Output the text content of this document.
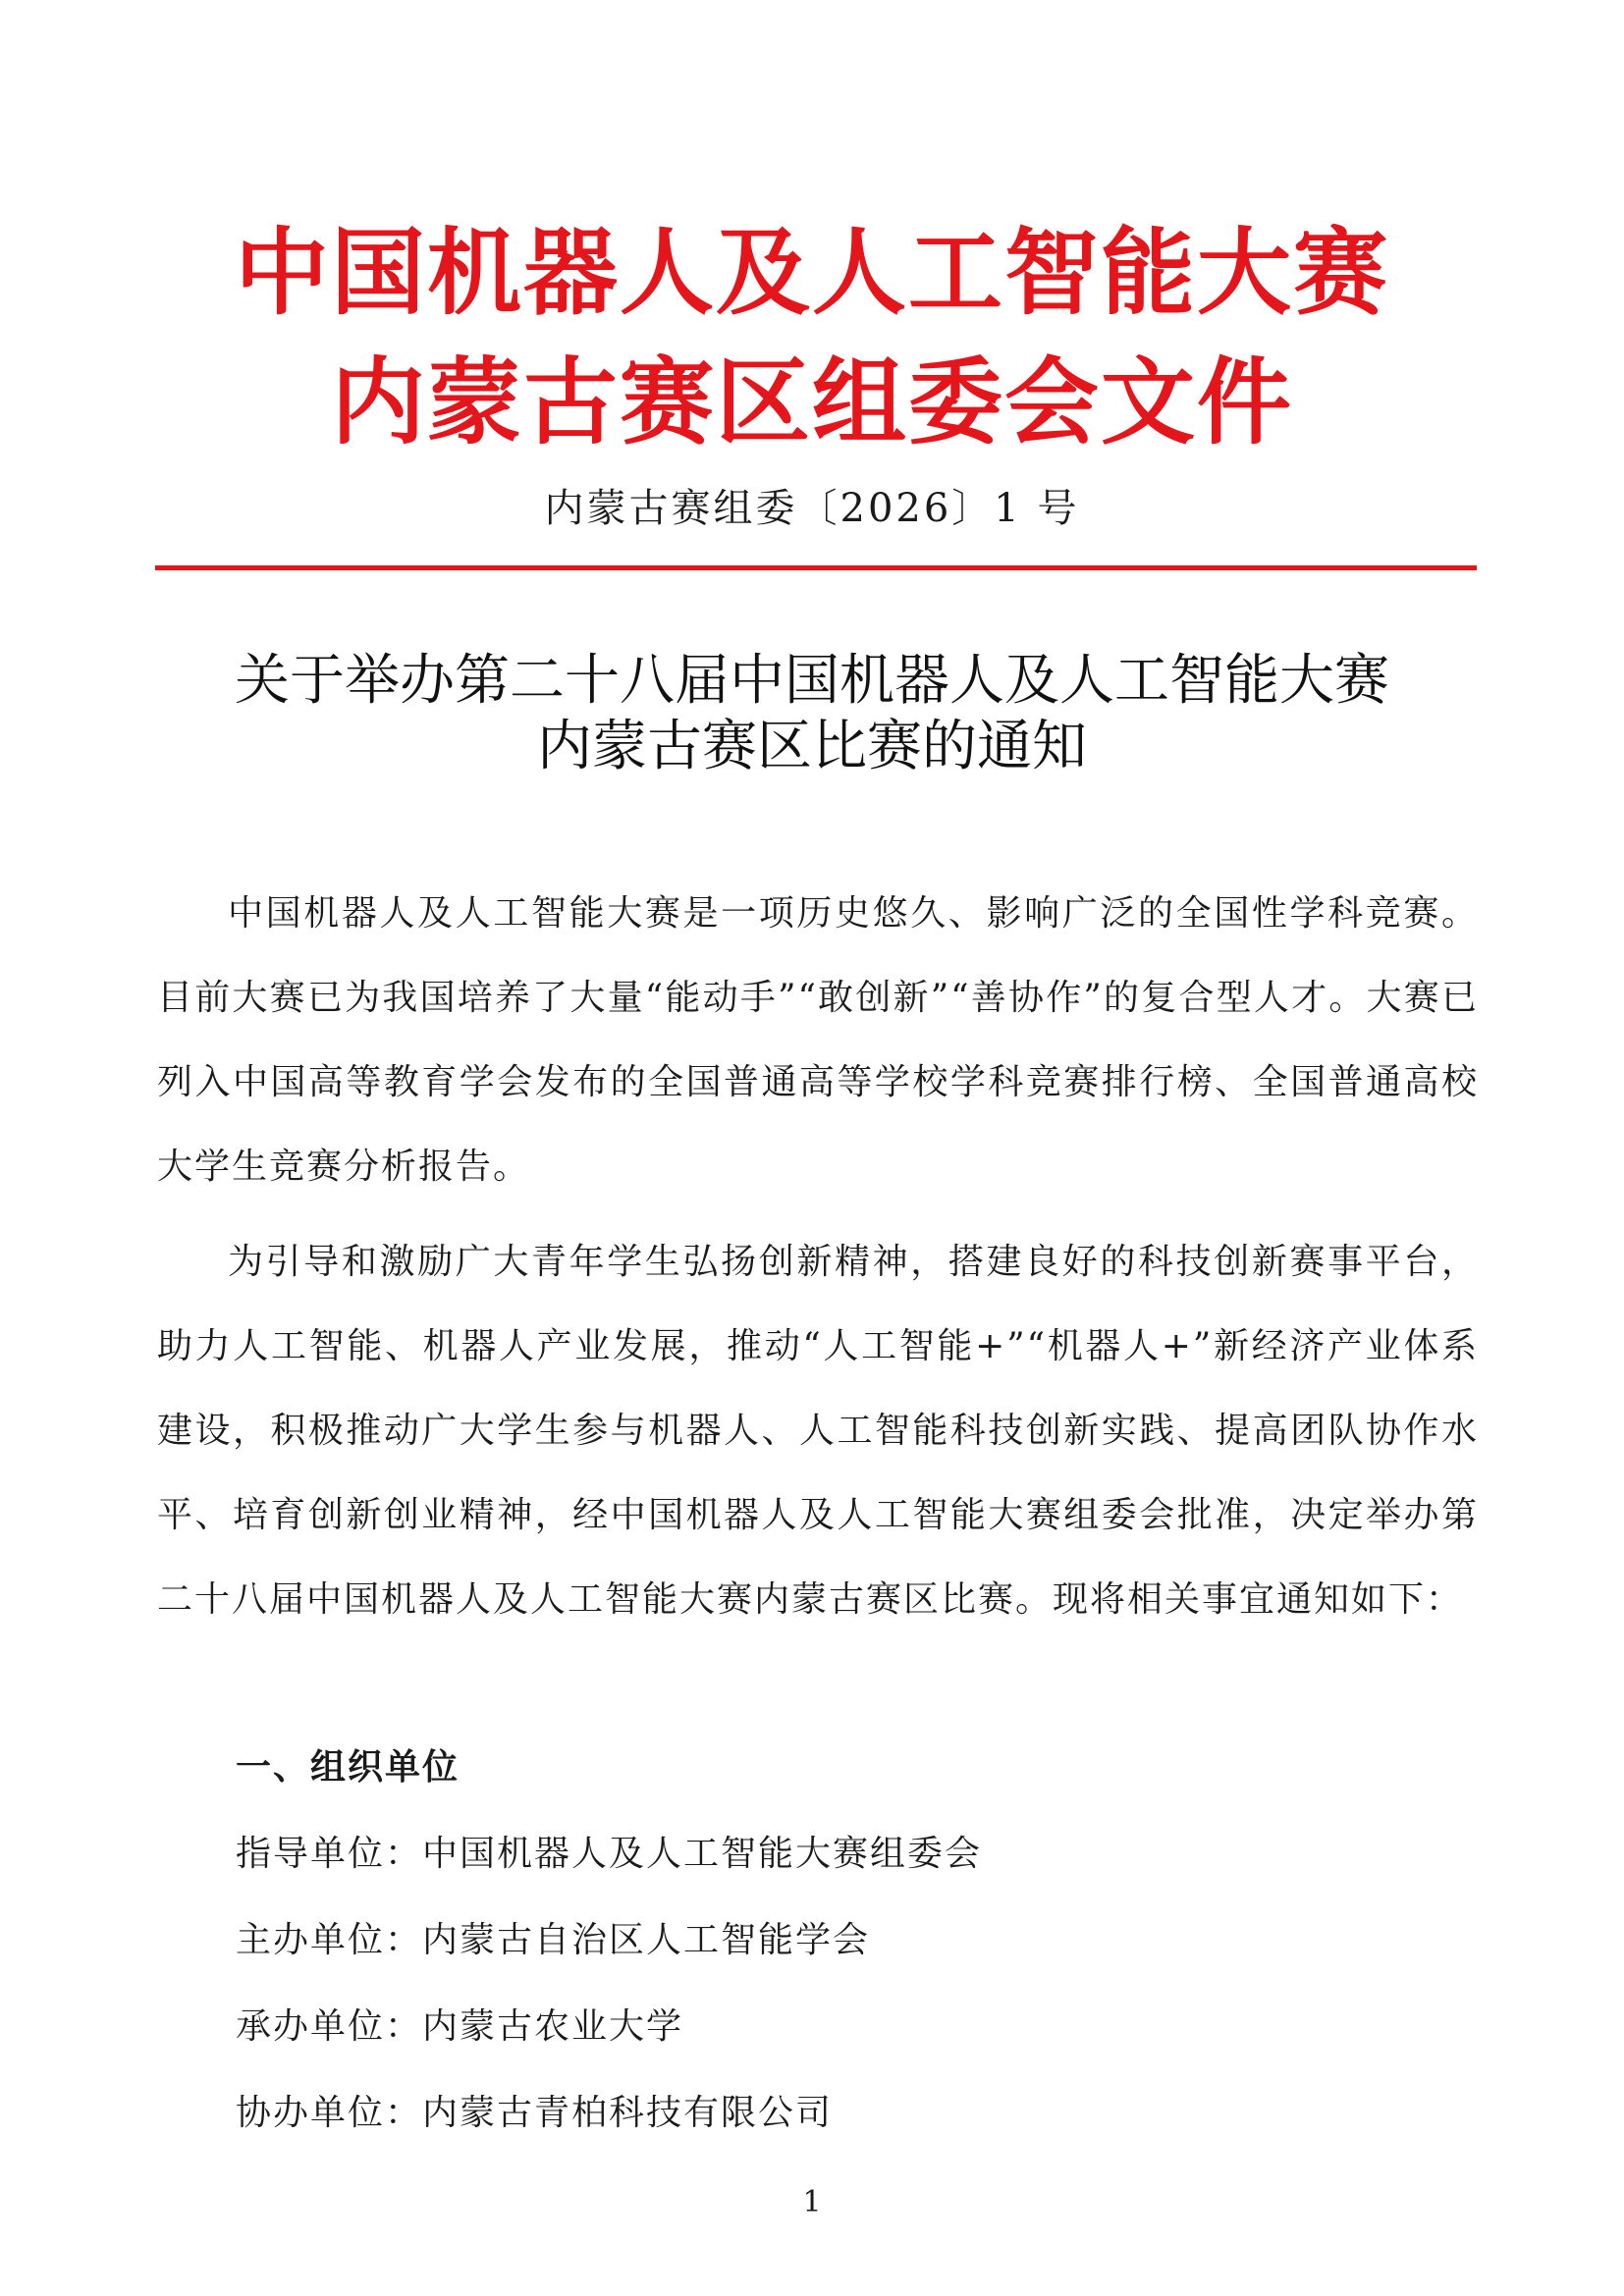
中国机器人及人工智能大赛
内蒙古赛区组委会文件
内蒙古赛组委〔2026〕1 号
关于举办第二十八届中国机器人及人工智能大赛
内蒙古赛区比赛的通知

中国机器人及人工智能大赛是一项历史悠久、影响广泛的全国性学科竞赛。目前大赛已为我国培养了大量“能动手”“敢创新”“善协作”的复合型人才。大赛已列入中国高等教育学会发布的全国普通高等学校学科竞赛排行榜、全国普通高校大学生竞赛分析报告。

为引导和激励广大青年学生弘扬创新精神，搭建良好的科技创新赛事平台，助力人工智能、机器人产业发展，推动“人工智能+”“机器人+”新经济产业体系建设，积极推动广大学生参与机器人、人工智能科技创新实践、提高团队协作水平、培育创新创业精神，经中国机器人及人工智能大赛组委会批准，决定举办第二十八届中国机器人及人工智能大赛内蒙古赛区比赛。现将相关事宜通知如下：

一、组织单位
指导单位：中国机器人及人工智能大赛组委会
主办单位：内蒙古自治区人工智能学会
承办单位：内蒙古农业大学
协办单位：内蒙古青柏科技有限公司
1
